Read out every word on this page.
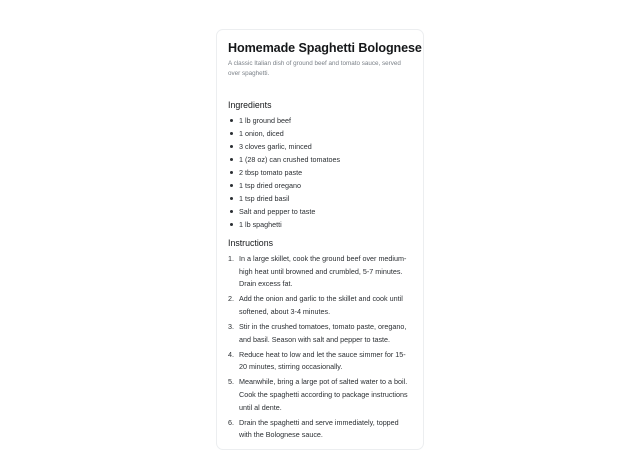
Homemade Spaghetti Bolognese

A classic Italian dish of ground beef and tomato sauce, served over spaghetti.

Ingredients
1 lb ground beef
1 onion, diced
3 cloves garlic, minced
1 (28 oz) can crushed tomatoes
2 tbsp tomato paste
1 tsp dried oregano
1 tsp dried basil
Salt and pepper to taste
1 lb spaghetti
Instructions
1. In a large skillet, cook the ground beef over medium-high heat until browned and crumbled, 5-7 minutes. Drain excess fat.
2. Add the onion and garlic to the skillet and cook until softened, about 3-4 minutes.
3. Stir in the crushed tomatoes, tomato paste, oregano, and basil. Season with salt and pepper to taste.
4. Reduce heat to low and let the sauce simmer for 15-20 minutes, stirring occasionally.
5. Meanwhile, bring a large pot of salted water to a boil. Cook the spaghetti according to package instructions until al dente.
6. Drain the spaghetti and serve immediately, topped with the Bolognese sauce.
